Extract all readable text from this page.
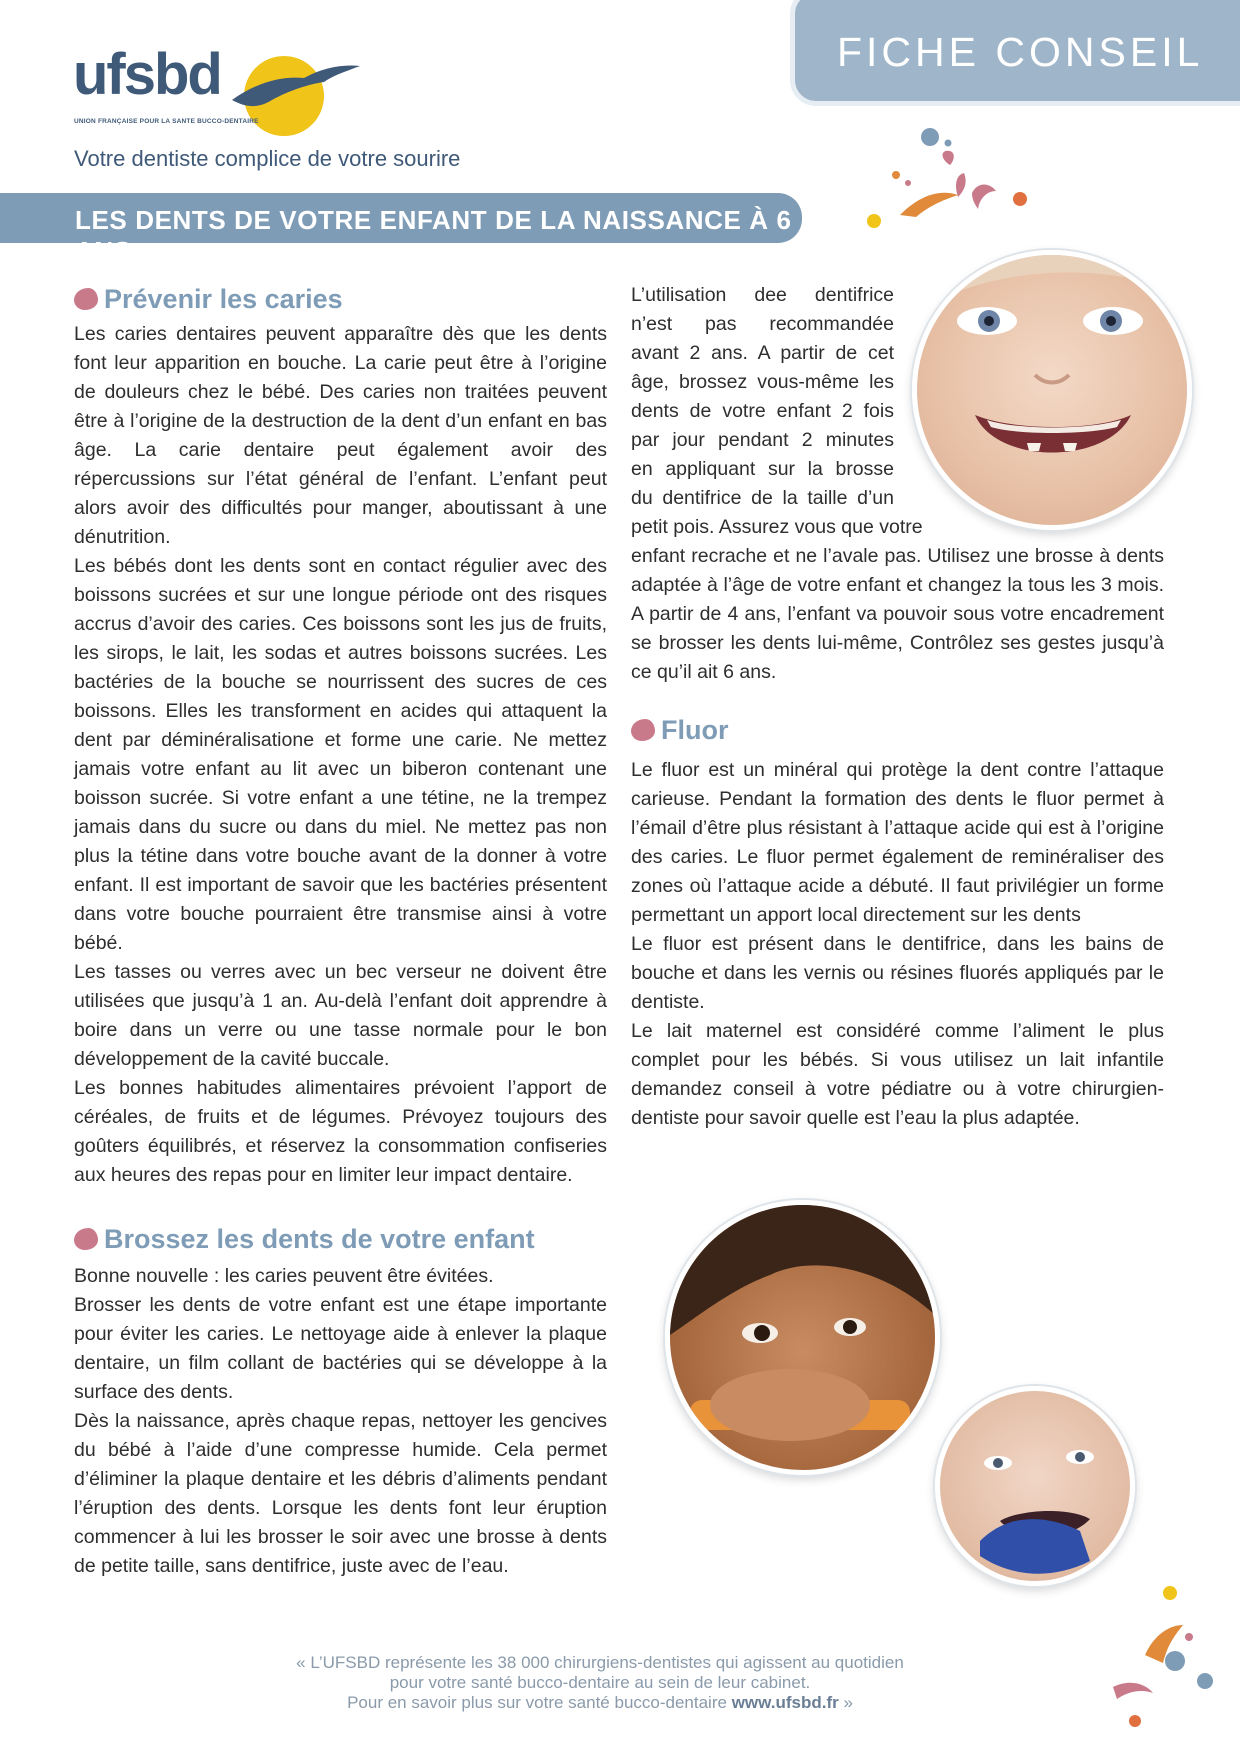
FICHE CONSEIL
ufsbd
UNION FRANÇAISE POUR LA SANTE BUCCO-DENTAIRE
Votre dentiste complice de votre sourire
LES DENTS DE VOTRE ENFANT DE LA NAISSANCE À 6 ANS
Prévenir les caries

Les caries dentaires peuvent apparaître dès que les dents font leur apparition en bouche. La carie peut être à l’origine de douleurs chez le bébé. Des caries non traitées peuvent être à l’origine de la destruction de la dent d’un enfant en bas âge. La carie dentaire peut également avoir des répercussions sur l’état général de l’enfant. L’enfant peut alors avoir des difficultés pour manger, aboutissant à une dénutrition.

Les bébés dont les dents sont en contact régulier avec des boissons sucrées et sur une longue période ont des risques accrus d’avoir des caries. Ces boissons sont les jus de fruits, les sirops, le lait, les sodas et autres boissons sucrées. Les bactéries de la bouche se nourrissent des sucres de ces boissons. Elles les transforment en acides qui attaquent la dent par déminéralisatione et forme une carie. Ne mettez jamais votre enfant au lit avec un biberon contenant une boisson sucrée. Si votre enfant a une tétine, ne la trempez jamais dans du sucre ou dans du miel. Ne mettez pas non plus la tétine dans votre bouche avant de la donner à votre enfant. Il est important de savoir que les bactéries présentent dans votre bouche pourraient être transmise ainsi à votre bébé.

Les tasses ou verres avec un bec verseur ne doivent être utilisées que jusqu’à 1 an. Au-delà l’enfant doit apprendre à boire dans un verre ou une tasse normale pour le bon développement de la cavité buccale.

Les bonnes habitudes alimentaires prévoient l’apport de céréales, de fruits et de légumes. Prévoyez toujours des goûters équilibrés, et réservez la consommation confiseries aux heures des repas pour en limiter leur impact dentaire.

Brossez les dents de votre enfant

Bonne nouvelle : les caries peuvent être évitées.

Brosser les dents de votre enfant est une étape importante pour éviter les caries. Le nettoyage aide à enlever la plaque dentaire, un film collant de bactéries qui se développe à la surface des dents.

Dès la naissance, après chaque repas, nettoyer les gencives du bébé à l’aide d’une compresse humide. Cela permet d’éliminer la plaque dentaire et les débris d’aliments pendant l’éruption des dents. Lorsque les dents font leur éruption commencer à lui les brosser le soir avec une brosse à dents de petite taille, sans dentifrice, juste avec de l’eau.

L’utilisation dee dentifrice

n’est pas recommandée

avant 2 ans. A partir de cet

âge, brossez vous-même les

dents de votre enfant 2 fois

par jour pendant 2 minutes

en appliquant sur la brosse

du dentifrice de la taille d’un

petit pois. Assurez vous que votre

enfant recrache et ne l’avale pas. Utilisez une brosse à dents adaptée à l’âge de votre enfant et changez la tous les 3 mois. A partir de 4 ans, l’enfant va pouvoir sous votre encadrement se brosser les dents lui-même, Contrôlez ses gestes jusqu’à ce qu’il ait 6 ans.

Fluor

Le fluor est un minéral qui protège la dent contre l’attaque carieuse. Pendant la formation des dents le fluor permet à l’émail d’être plus résistant à l’attaque acide qui est à l’origine des caries. Le fluor permet également de reminéraliser des zones où l’attaque acide a débuté. Il faut privilégier un forme permettant un apport local directement sur les dents

Le fluor est présent dans le dentifrice, dans les bains de bouche et dans les vernis ou résines fluorés appliqués par le dentiste.

Le lait maternel est considéré comme l’aliment le plus complet pour les bébés. Si vous utilisez un lait infantile demandez conseil à votre pédiatre ou à votre chirurgien-dentiste pour savoir quelle est l’eau la plus adaptée.

« L’UFSBD représente les 38 000 chirurgiens-dentistes qui agissent au quotidien
pour votre santé bucco-dentaire au sein de leur cabinet.
Pour en savoir plus sur votre santé bucco-dentaire www.ufsbd.fr »
